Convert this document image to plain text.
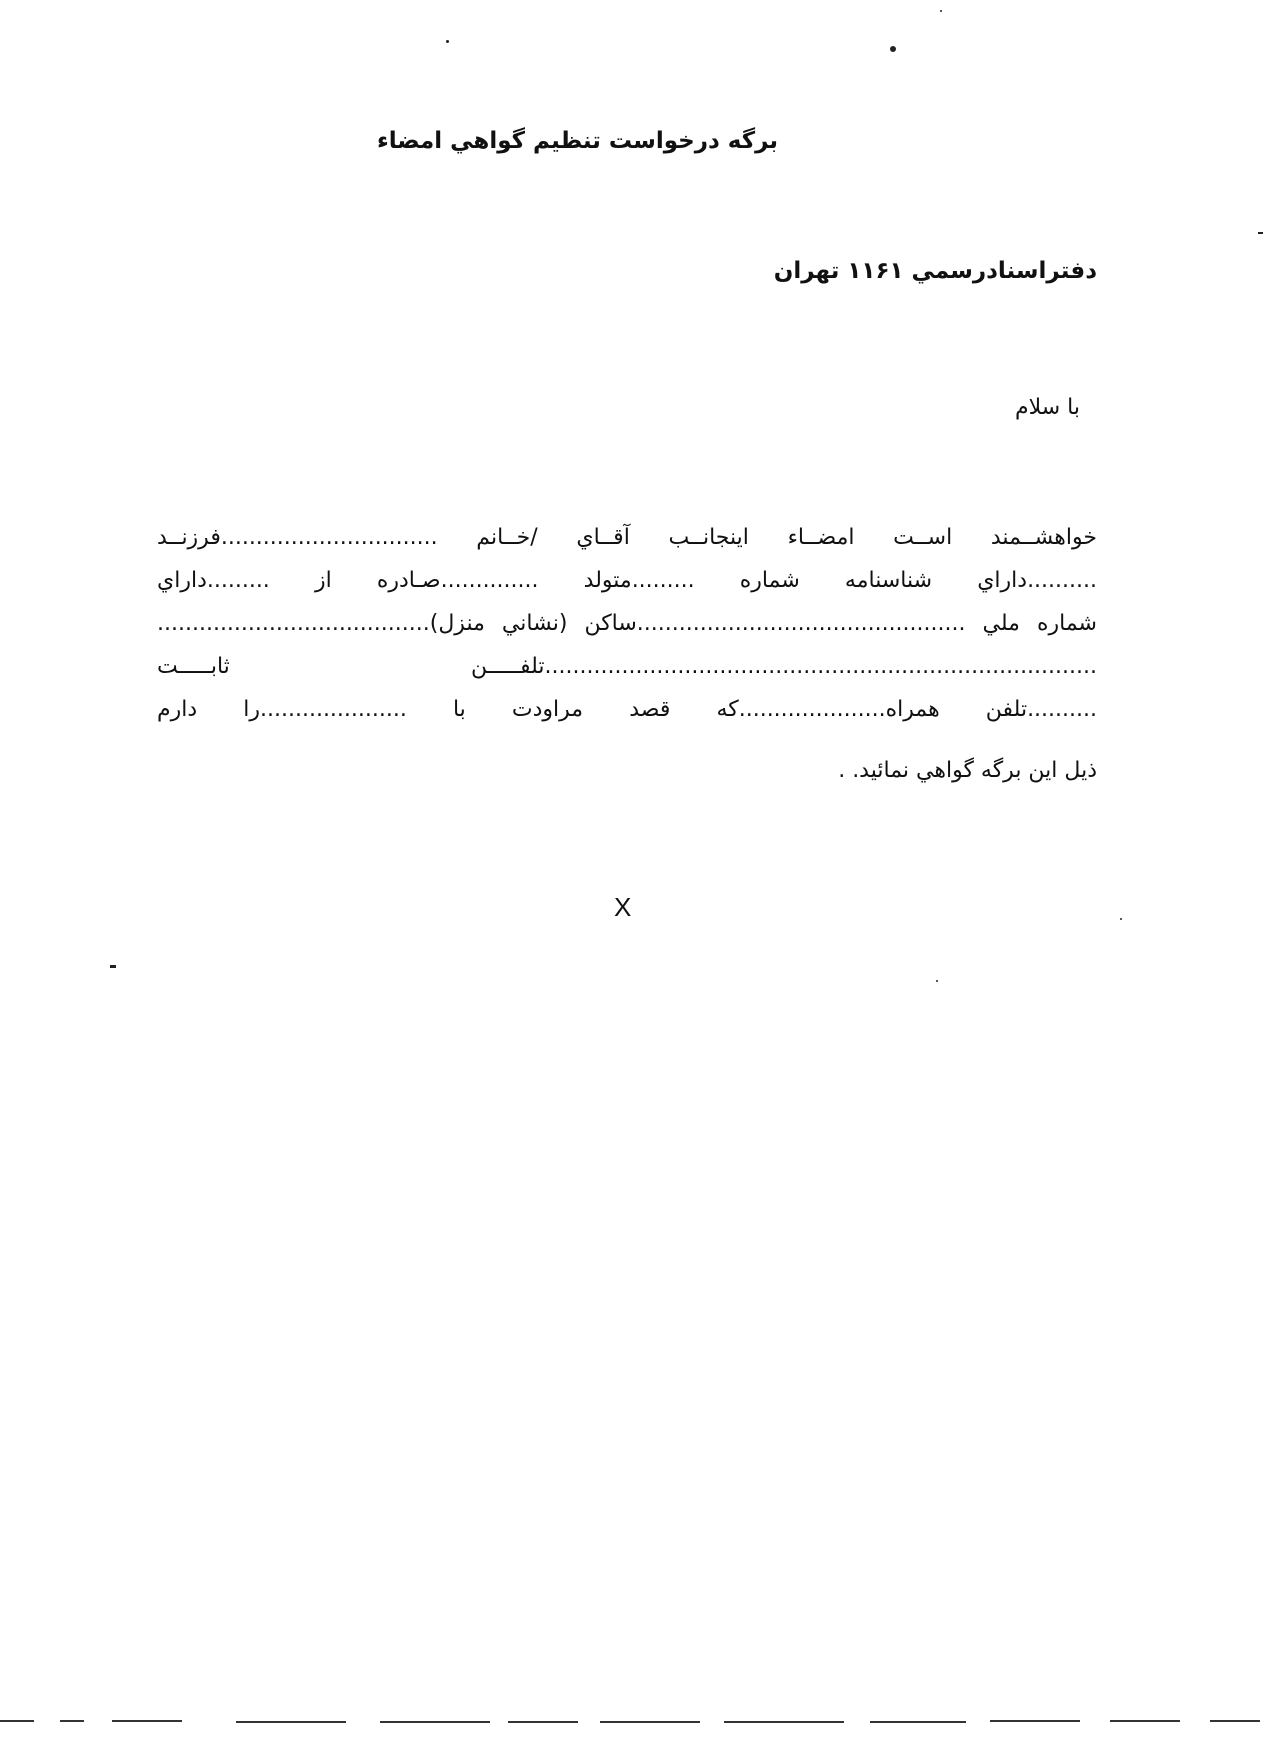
برگه درخواست تنظيم گواهي امضاء
دفتراسنادرسمي ۱۱۶۱ تهران
با سلام
خواهشــمند اســت امضــاء اينجانــب آقــاي /خــانم ...............................فرزنــد
..........داراي شناسنامه شماره .........متولد ..............صـادره از .........داراي
شماره ملي ...............................................ساکن (نشاني منزل).......................................
...............................................................................تلفـــــن ثابـــــت
..........تلفن همراه.....................كه قصد مراودت با .....................را دارم
ذيل اين برگه گواهي نمائيد. .
X
